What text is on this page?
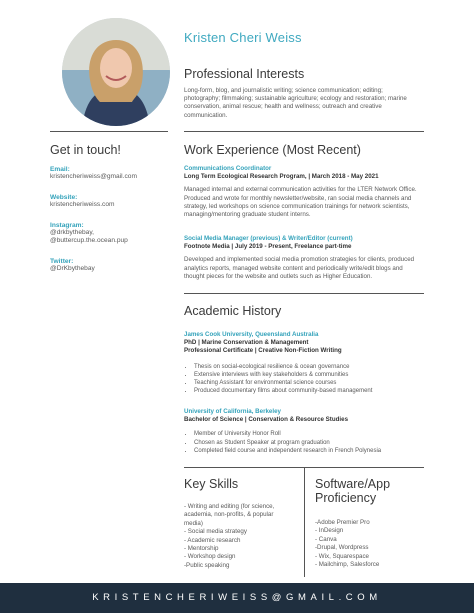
Kristen Cheri Weiss
Professional Interests
Long-form, blog, and journalistic writing; science communication; editing; photography; filmmaking; sustainable agriculture; ecology and restoration; marine conservation, animal rescue; health and wellness; outreach and creative communication.
Get in touch!
Email:
kristencheriweiss@gmail.com
Website:
kristencheriweiss.com
Instagram:
@drkbythebay,
@buttercup.the.ocean.pup
Twitter:
@DrKbythebay
Work Experience (Most Recent)
Communications Coordinator
Long Term Ecological Research Program, | March 2018 - May 2021
Managed internal and external communication activities for the LTER Network Office. Produced and wrote for monthly newsletter/website, ran social media channels and strategy, led workshops on science communication trainings for network scientists, managing/mentoring graduate student interns.
Social Media Manager (previous) & Writer/Editor (current)
Footnote Media | July 2019 - Present, Freelance part-time
Developed and implemented social media promotion strategies for clients, produced analytics reports, managed website content and periodically write/edit blogs and thought pieces for the website and outlets such as Higher Education.
Academic History
James Cook University, Queensland Australia
PhD | Marine Conservation & Management
Professional Certificate | Creative Non-Fiction Writing
• Thesis on social-ecological resilience & ocean governance
• Extensive interviews with key stakeholders & communities
• Teaching Assistant for environmental science courses
• Produced documentary films about community-based management
University of California, Berkeley
Bachelor of Science | Conservation & Resource Studies
• Member of University Honor Roll
• Chosen as Student Speaker at program graduation
• Completed field course and independent research in French Polynesia
Key Skills
- Writing and editing (for science,
academia, non-profits, & popular
media)
- Social media strategy
- Academic research
- Mentorship
- Workshop design
-Public speaking
Software/App
Proficiency
-Adobe Premier Pro
- InDesign
- Canva
-Drupal, Wordpress
- Wix, Squarespace
- Mailchimp, Salesforce
KRISTENCHERIWEISS@GMAIL.COM
